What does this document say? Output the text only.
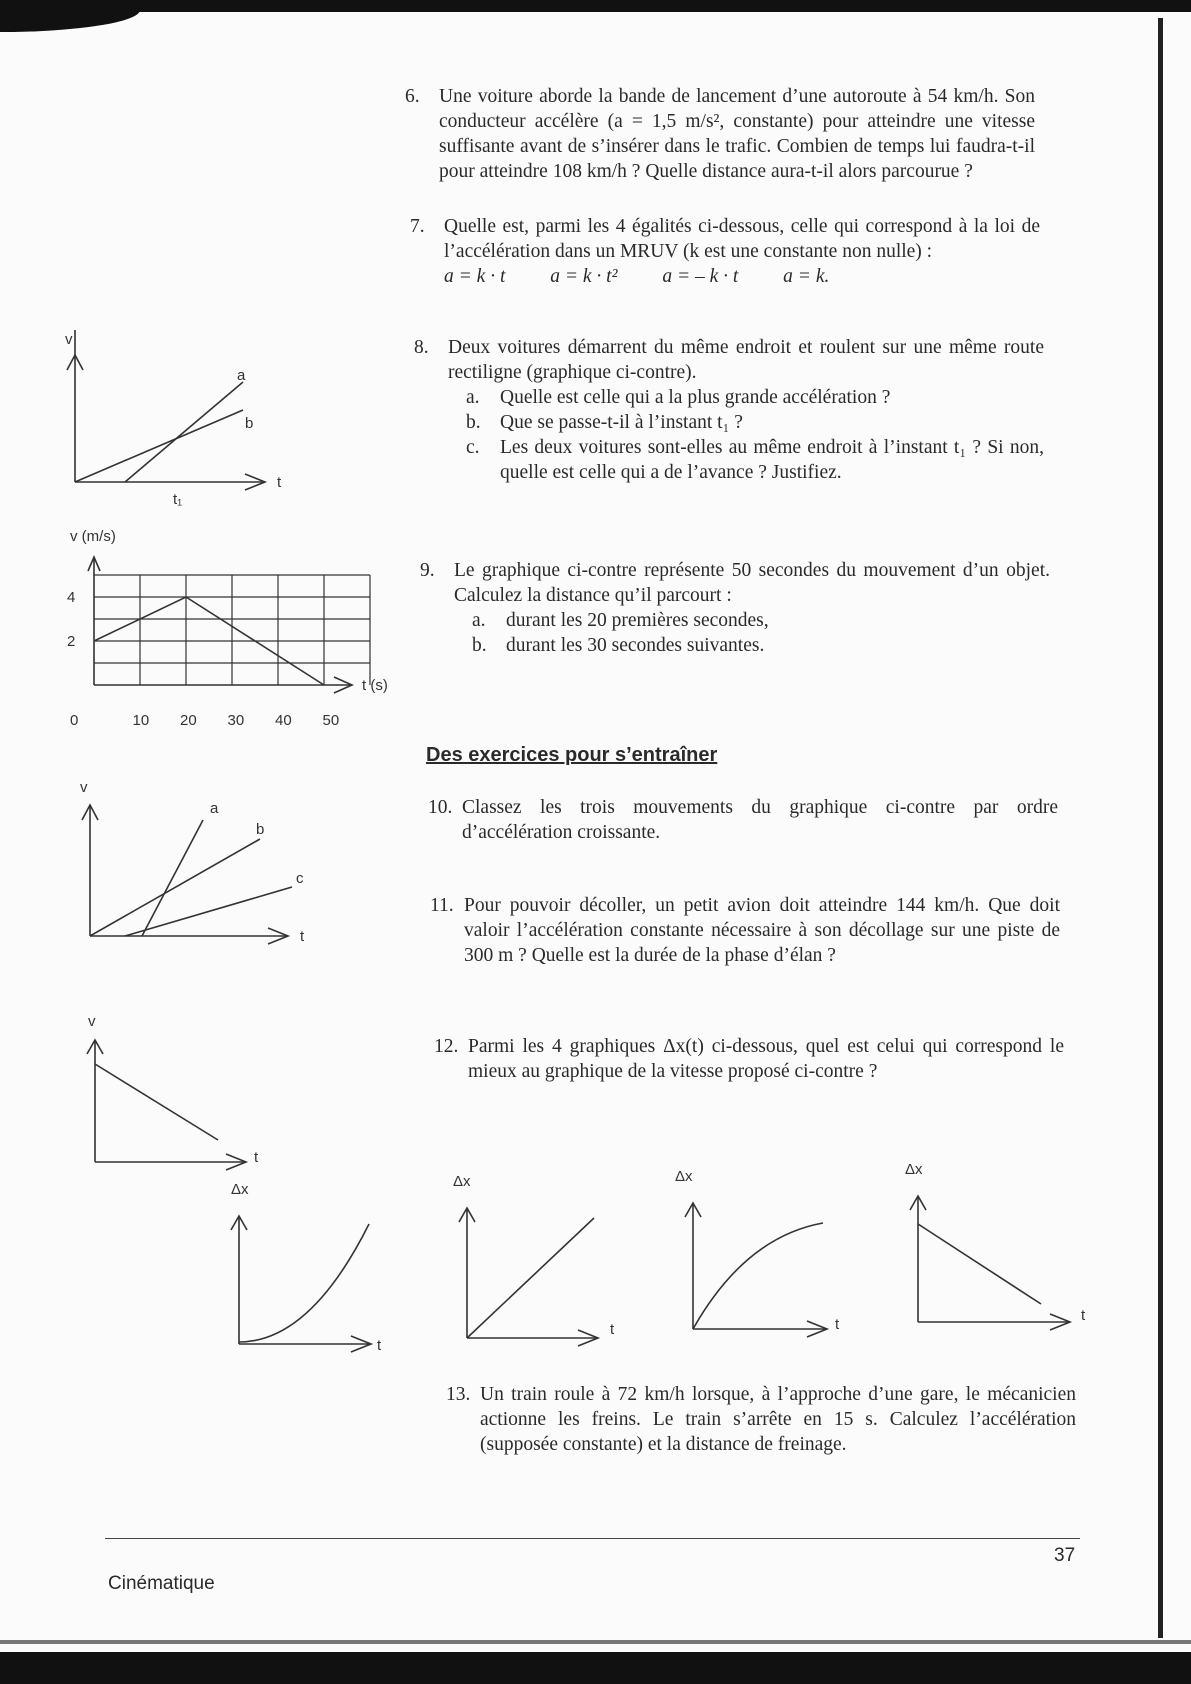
6. Une voiture aborde la bande de lancement d’une autoroute à 54 km/h. Son conducteur accélère (a = 1,5 m/s², constante) pour atteindre une vitesse suffisante avant de s’insérer dans le trafic. Combien de temps lui faudra-t-il pour atteindre 108 km/h ? Quelle distance aura-t-il alors parcourue ?
7. Quelle est, parmi les 4 égalités ci-dessous, celle qui correspond à la loi de l’accélération dans un MRUV (k est une constante non nulle) :
a = k · t a = k · t² a = – k · t a = k.
8. Deux voitures démarrent du même endroit et roulent sur une même route rectiligne (graphique ci-contre).
a.	Quelle est celle qui a la plus grande accélération ?
b. Que se passe-t-il à l’instant t₁ ?
c.	Les deux voitures sont-elles au même endroit à l’instant t₁ ? Si non, quelle est celle qui a de l’avance ? Justifiez.
9. Le graphique ci-contre représente 50 secondes du mouvement d’un objet. Calculez la distance qu’il parcourt :
a.	durant les 20 premières secondes,
b. durant les 30 secondes suivantes.
Des exercices pour s’entraîner
10. Classez les trois mouvements du graphique ci-contre par ordre d’accélération croissante.
11. Pour pouvoir décoller, un petit avion doit atteindre 144 km/h. Que doit valoir l’accélération constante nécessaire à son décollage sur une piste de 300 m ? Quelle est la durée de la phase d’élan ?
12. Parmi les 4 graphiques Δx(t) ci-dessous, quel est celui qui correspond le mieux au graphique de la vitesse proposé ci-contre ?
13. Un train roule à 72 km/h lorsque, à l’approche d’une gare, le mécanicien actionne les freins. Le train s’arrête en 15 s. Calculez l’accélération (supposée constante) et la distance de freinage.
v
a
b
t
t₁
v (m/s)
t (s)
4
2
0	10 20 30 40 50
v
a
b
c
t
v
t
Δx
t
Δx
t
Δx
t
Δx
t
Cinématique
37
